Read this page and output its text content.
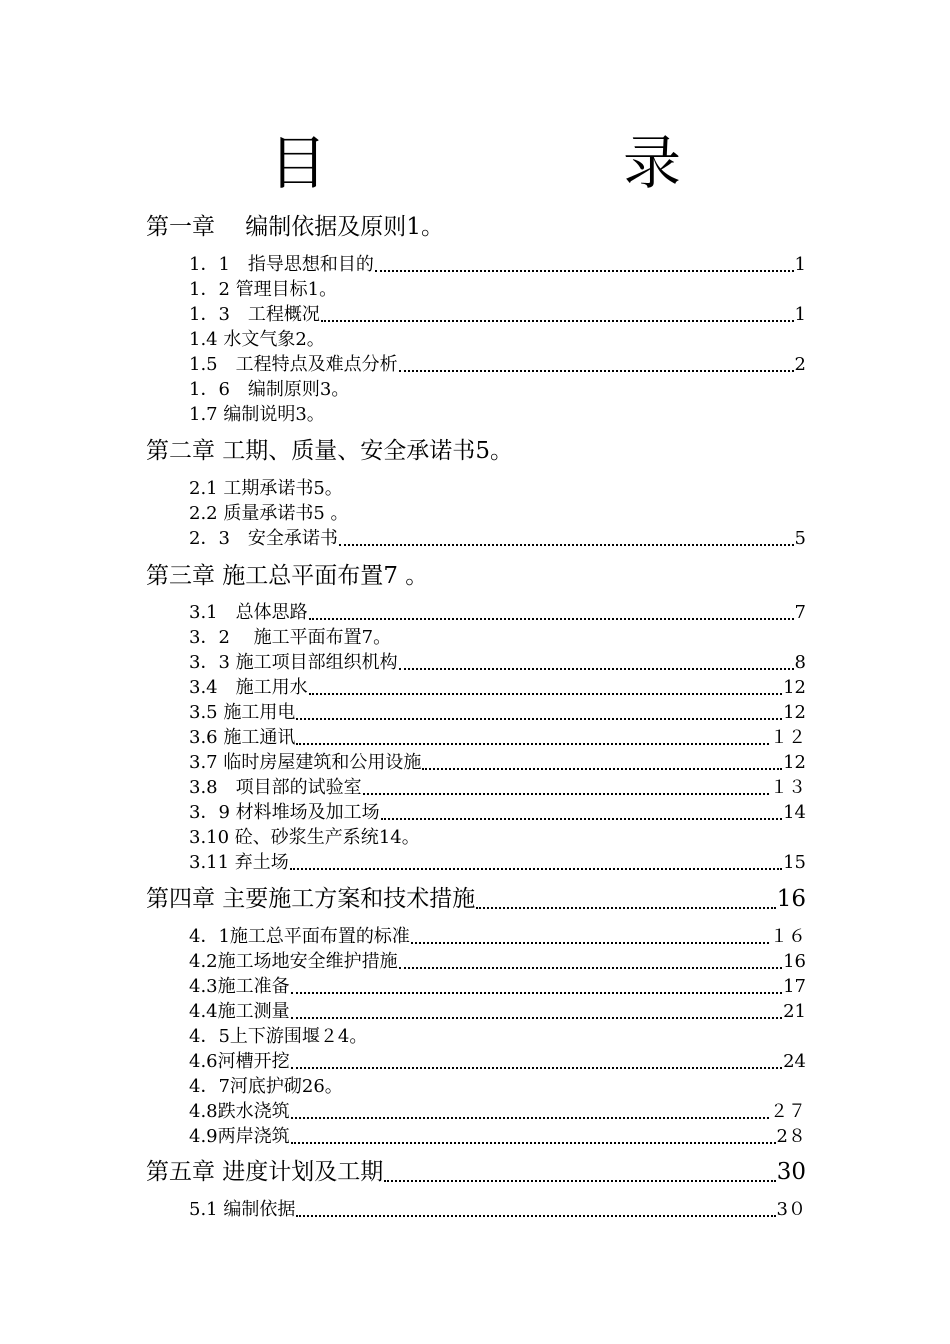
目　　录
第一章　 编制依据及原则 1。
1．1　指导思想和目的	1
1．2 管理目标 1。
1．3　工程概况	1
1.4 水文气象 2。
1.5　工程特点及难点分析	2
1．6　编制原则 3。
1.7 编制说明 3。
第二章 工期、质量、安全承诺书 5。
2.1 工期承诺书 5。
2.2 质量承诺书 5 。
2．3　安全承诺书	5
第三章 施工总平面布置 7 。
3.1　总体思路	7
3．2　 施工平面布置 7。
3．3 施工项目部组织机构	8
3.4　施工用水	12
3.5 施工用电	12
3.6 施工通讯	１２
3.7 临时房屋建筑和公用设施	12
3.8　项目部的试验室	１３
3．9 材料堆场及加工场	14
3.10 砼、砂浆生产系统 14。
3.11 弃土场	15
第四章 主要施工方案和技术措施	16
4．1施工总平面布置的标准	１６
4.2施工场地安全维护措施	16
4.3施工准备	17
4.4施工测量	21
4．5上下游围堰 ２4。
4.6河槽开挖	24
4．7河底护砌 26。
4.8跌水浇筑	２７
4.9两岸浇筑	2８
第五章 进度计划及工期	30
5.1 编制依据	3０
